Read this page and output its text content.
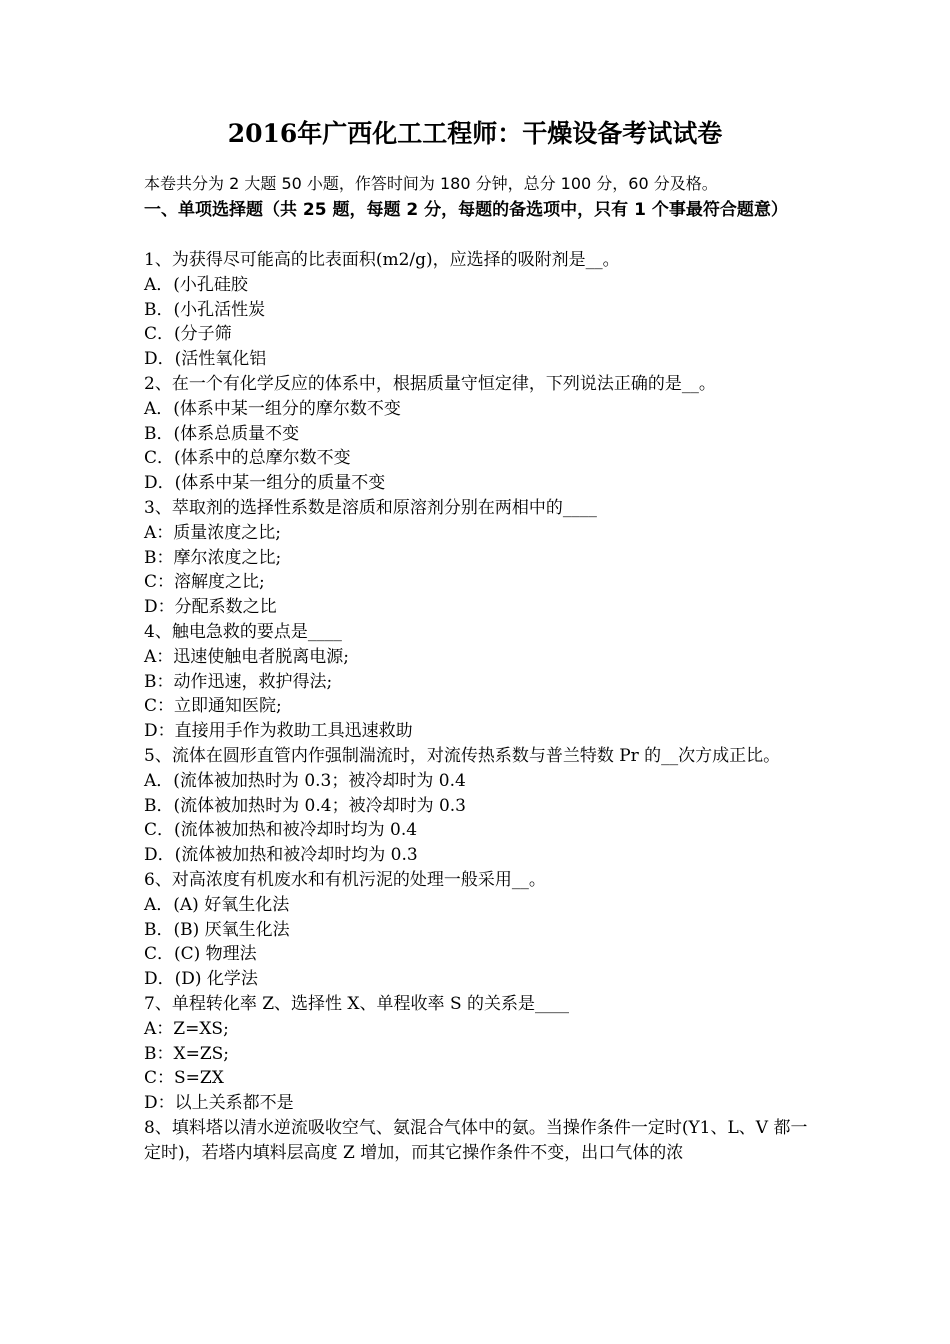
2016年广西化工工程师：干燥设备考试试卷
本卷共分为 2 大题 50 小题，作答时间为 180 分钟，总分 100 分，60 分及格。
一、单项选择题（共 25 题，每题 2 分，每题的备选项中，只有 1 个事最符合题意）
1、为获得尽可能高的比表面积(m2/g)，应选择的吸附剂是__。
A．(小孔硅胶
B．(小孔活性炭
C．(分子筛
D．(活性氧化铝
2、在一个有化学反应的体系中，根据质量守恒定律，下列说法正确的是__。
A．(体系中某一组分的摩尔数不变
B．(体系总质量不变
C．(体系中的总摩尔数不变
D．(体系中某一组分的质量不变
3、萃取剂的选择性系数是溶质和原溶剂分别在两相中的____
A：质量浓度之比;
B：摩尔浓度之比;
C：溶解度之比;
D：分配系数之比
4、触电急救的要点是____
A：迅速使触电者脱离电源;
B：动作迅速，救护得法;
C：立即通知医院;
D：直接用手作为救助工具迅速救助
5、流体在圆形直管内作强制湍流时，对流传热系数与普兰特数 Pr 的__次方成正比。
A．(流体被加热时为 0.3；被冷却时为 0.4
B．(流体被加热时为 0.4；被冷却时为 0.3
C．(流体被加热和被冷却时均为 0.4
D．(流体被加热和被冷却时均为 0.3
6、对高浓度有机废水和有机污泥的处理一般采用__。
A．(A) 好氧生化法
B．(B) 厌氧生化法
C．(C) 物理法
D．(D) 化学法
7、单程转化率 Z、选择性 X、单程收率 S 的关系是____
A：Z=XS;
B：X=ZS;
C：S=ZX
D：以上关系都不是
8、填料塔以清水逆流吸收空气、氨混合气体中的氨。当操作条件一定时(Y1、L、V 都一定时)，若塔内填料层高度 Z 增加，而其它操作条件不变，出口气体的浓
